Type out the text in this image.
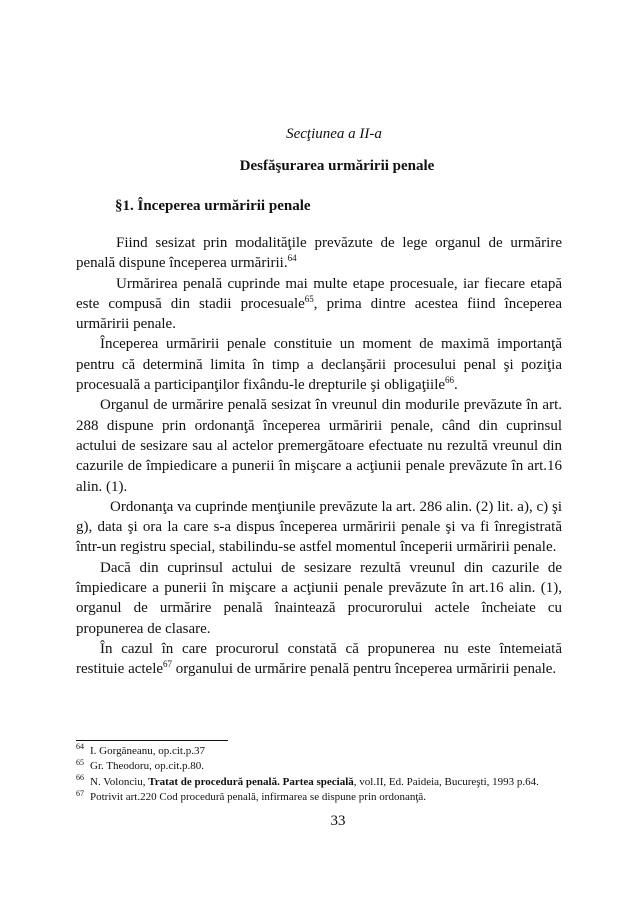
Secţiunea a II-a
Desfăşurarea urmăririi penale
§1. Începerea urmăririi penale

Fiind sesizat prin modalităţile prevăzute de lege organul de urmărire penală dispune începerea urmăririi.$^{64}$

Urmărirea penală cuprinde mai multe etape procesuale, iar fiecare etapă este compusă din stadii procesuale$^{65}$, prima dintre acestea fiind începerea urmăririi penale.

Începerea urmăririi penale constituie un moment de maximă importanţă pentru că determină limita în timp a declanşării procesului penal şi poziţia procesuală a participanţilor fixându-le drepturile şi obligaţiile$^{66}$.

Organul de urmărire penală sesizat în vreunul din modurile prevăzute în art. 288 dispune prin ordonanţă începerea urmăririi penale, când din cuprinsul actului de sesizare sau al actelor premergătoare efectuate nu rezultă vreunul din cazurile de împiedicare a punerii în mişcare a acţiunii penale prevăzute în art.16 alin. (1).

Ordonanţa va cuprinde menţiunile prevăzute la art. 286 alin. (2) lit. a), c) şi g), data şi ora la care s-a dispus începerea urmăririi penale şi va fi înregistrată într-un registru special, stabilindu-se astfel momentul începerii urmăririi penale.

Dacă din cuprinsul actului de sesizare rezultă vreunul din cazurile de împiedicare a punerii în mişcare a acţiunii penale prevăzute în art.16 alin. (1), organul de urmărire penală înaintează procurorului actele încheiate cu propunerea de clasare.

În cazul în care procurorul constată că propunerea nu este întemeiată restituie actele$^{67}$ organului de urmărire penală pentru începerea urmăririi penale.

$^{64}$ I. Gorgăneanu, op.cit.p.37

$^{65}$ Gr. Theodoru, op.cit.p.80.

$^{66}$ N. Volonciu, Tratat de procedură penală. Partea specială, vol.II, Ed. Paideia, Bucureşti, 1993 p.64.

$^{67}$ Potrivit art.220 Cod procedură penală, infirmarea se dispune prin ordonanţă.

33
